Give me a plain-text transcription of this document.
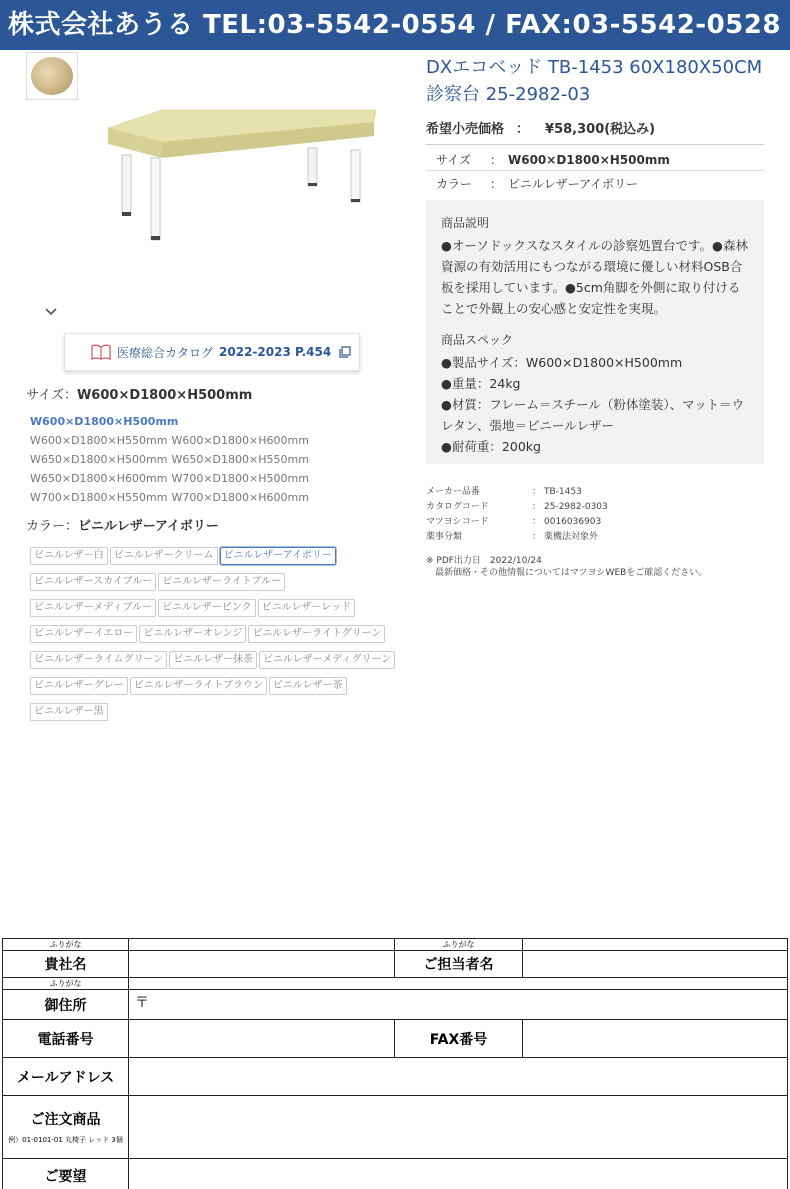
株式会社あうる TEL:03-5542-0554 / FAX:03-5542-0528
医療総合カタログ 2022-2023 P.454
サイズ：W600×D1800×H500mm
W600×D1800×H500mmW600×D1800×H550mm W600×D1800×H600mmW650×D1800×H500mm W650×D1800×H550mmW650×D1800×H600mm W700×D1800×H500mmW700×D1800×H550mm W700×D1800×H600mm
カラー：ビニルレザーアイボリー
ビニルレザー白 ビニルレザークリーム ビニルレザーアイボリービニルレザースカイブルー ビニルレザーライトブルービニルレザーメディブルー ビニルレザーピンク ビニルレザーレッドビニルレザーイエロー ビニルレザーオレンジ ビニルレザーライトグリーンビニルレザーライムグリーン ビニルレザー抹茶 ビニルレザーメディグリーンビニルレザーグレー ビニルレザーライトブラウン ビニルレザー茶ビニルレザー黒
DXエコベッド TB-1453 60X180X50CM
診察台 25-2982-03
希望小売価格 ： ¥58,300(税込み)
サイズ ： W600×D1800×H500mm
カラー ： ビニルレザーアイボリー
商品説明
●オーソドックスなスタイルの診察処置台です。●森林資源の有効活用にもつながる環境に優しい材料OSB合板を採用しています。●5cm角脚を外側に取り付けることで外観上の安心感と安定性を実現。
商品スペック
●製品サイズ：W600×D1800×H500mm
●重量：24kg
●材質：フレーム＝スチール（粉体塗装）、マット＝ウレタン、張地＝ビニールレザー
●耐荷重：200kg
メーカー品番	： TB-1453
カタログコード	： 25-2982-0303
マツヨシコード	： 0016036903
薬事分類	： 薬機法対象外
※ PDF出力日　2022/10/24
　最新価格・その他情報についてはマツヨシWEBをご確認ください。
ふりがな		ふりがな	
貴社名		ご担当者名	
ふりがな			
御住所	〒		
電話番号		FAX番号	
メールアドレス			
ご注文商品
例）01-0101-01 丸椅子 レッド 3個			

ご要望			
